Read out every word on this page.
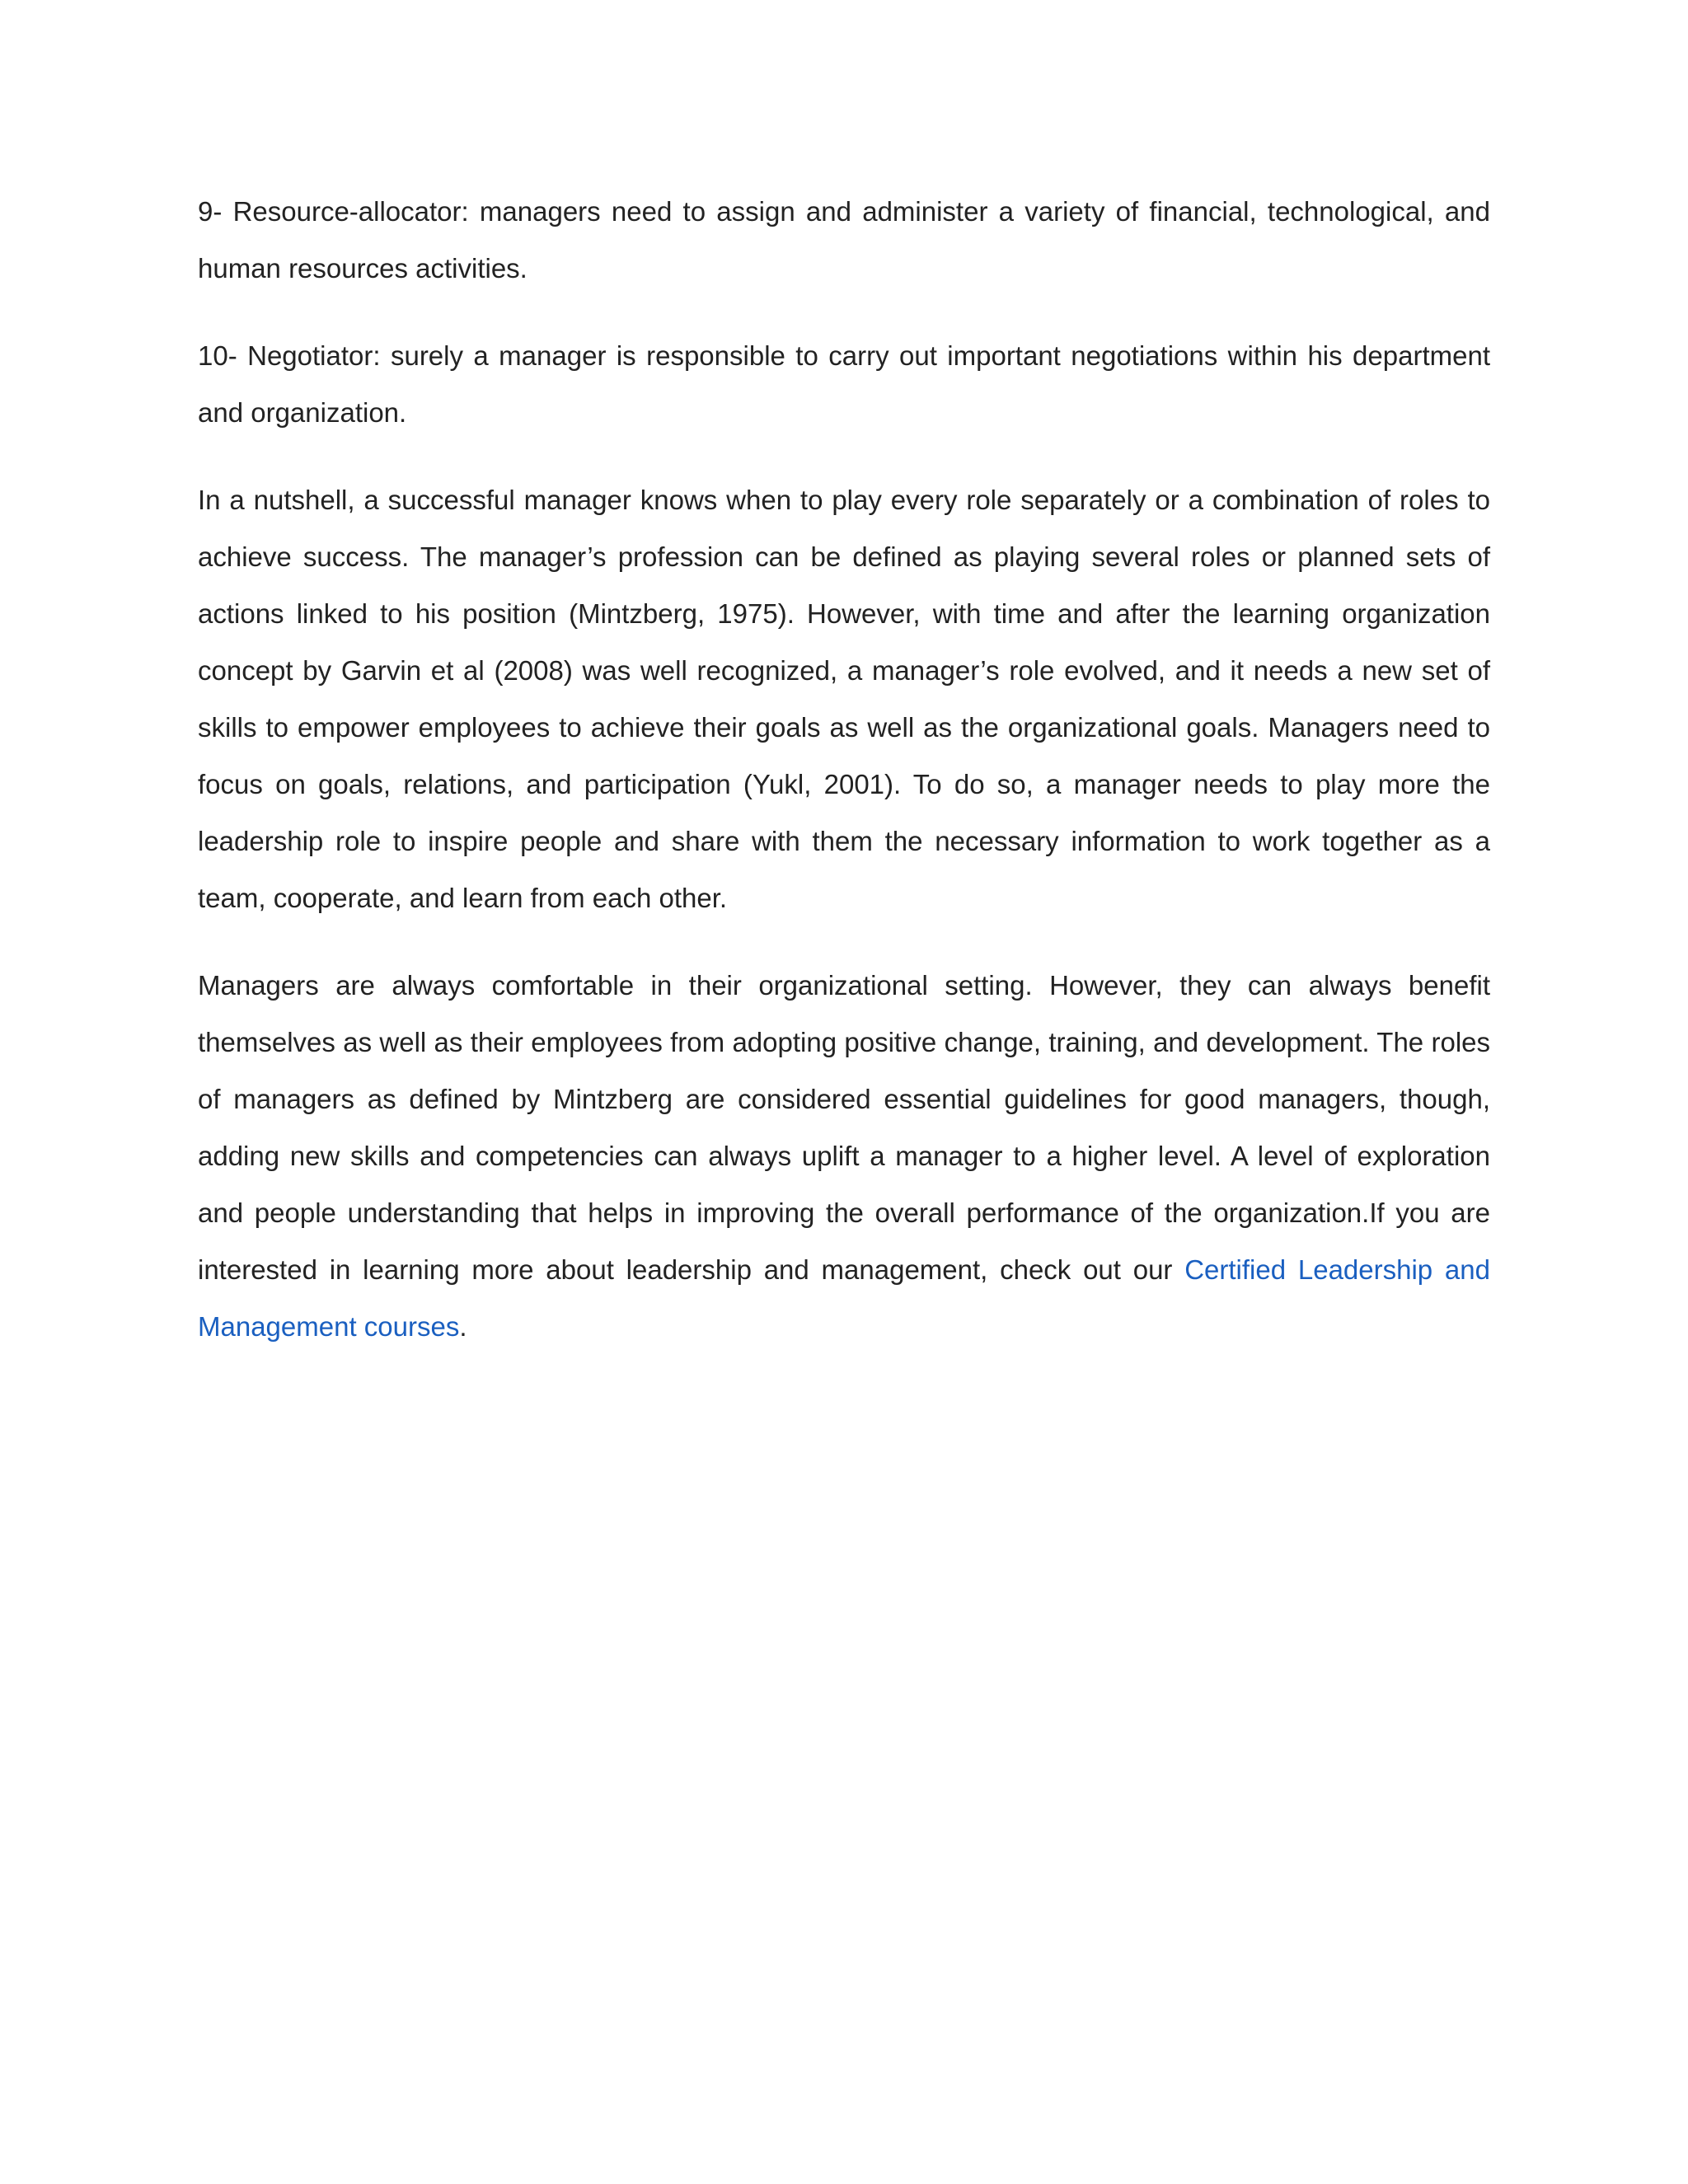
9- Resource-allocator: managers need to assign and administer a variety of financial, technological, and human resources activities.

10- Negotiator: surely a manager is responsible to carry out important negotiations within his department and organization.

In a nutshell, a successful manager knows when to play every role separately or a combination of roles to achieve success. The manager’s profession can be defined as playing several roles or planned sets of actions linked to his position (Mintzberg, 1975). However, with time and after the learning organization concept by Garvin et al (2008) was well recognized, a manager’s role evolved, and it needs a new set of skills to empower employees to achieve their goals as well as the organizational goals. Managers need to focus on goals, relations, and participation (Yukl, 2001). To do so, a manager needs to play more the leadership role to inspire people and share with them the necessary information to work together as a team, cooperate, and learn from each other.

Managers are always comfortable in their organizational setting. However, they can always benefit themselves as well as their employees from adopting positive change, training, and development. The roles of managers as defined by Mintzberg are considered essential guidelines for good managers, though, adding new skills and competencies can always uplift a manager to a higher level. A level of exploration and people understanding that helps in improving the overall performance of the organization.If you are interested in learning more about leadership and management, check out our Certified Leadership and Management courses.
